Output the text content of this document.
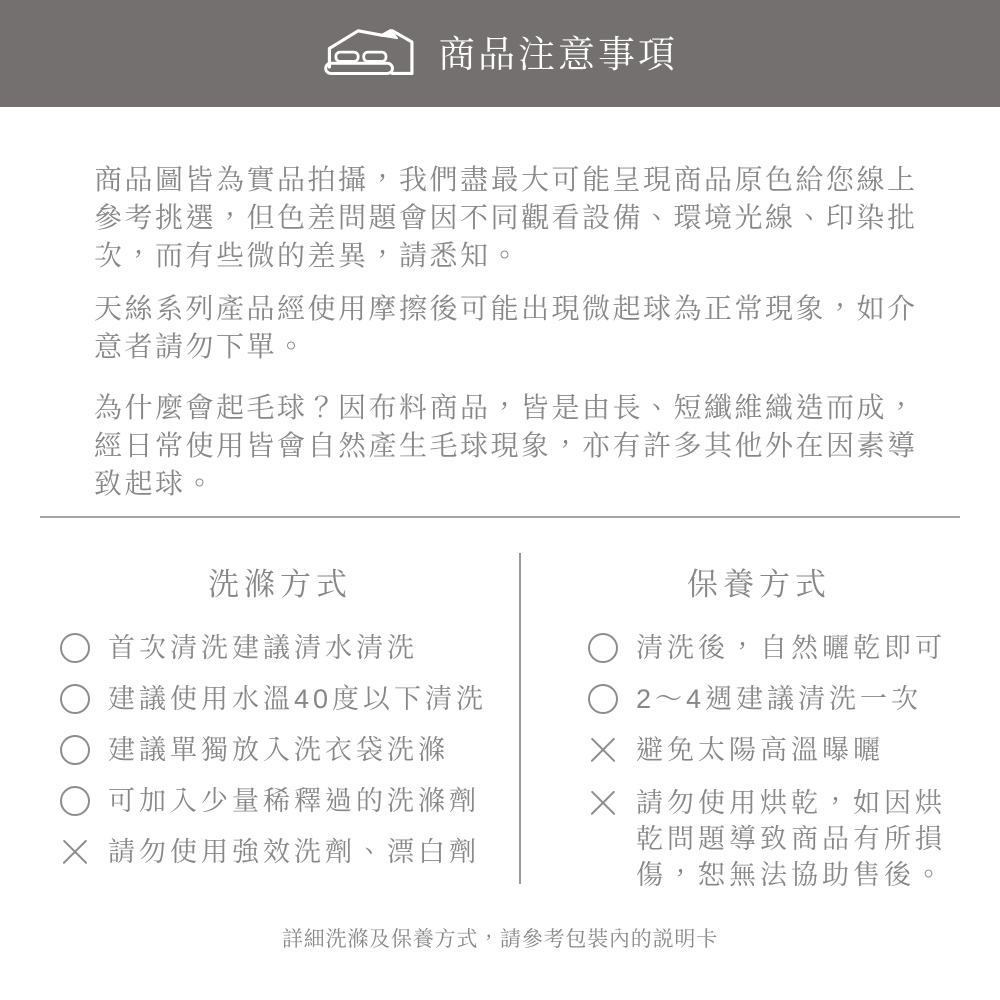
商品注意事項

商品圖皆為實品拍攝，我們盡最大可能呈現商品原色給您線上參考挑選，但色差問題會因不同觀看設備、環境光線、印染批次，而有些微的差異，請悉知。

天絲系列產品經使用摩擦後可能出現微起球為正常現象，如介意者請勿下單。

為什麼會起毛球？因布料商品，皆是由長、短纖維織造而成，經日常使用皆會自然產生毛球現象，亦有許多其他外在因素導致起球。

洗滌方式	保養方式
首次清洗建議清水清洗
建議使用水溫40度以下清洗
建議單獨放入洗衣袋洗滌
可加入少量稀釋過的洗滌劑
請勿使用強效洗劑、漂白劑
清洗後，自然曬乾即可
2～4週建議清洗一次
避免太陽高溫曝曬
請勿使用烘乾，如因烘乾問題導致商品有所損傷，恕無法協助售後。
詳細洗滌及保養方式，請參考包裝內的説明卡
